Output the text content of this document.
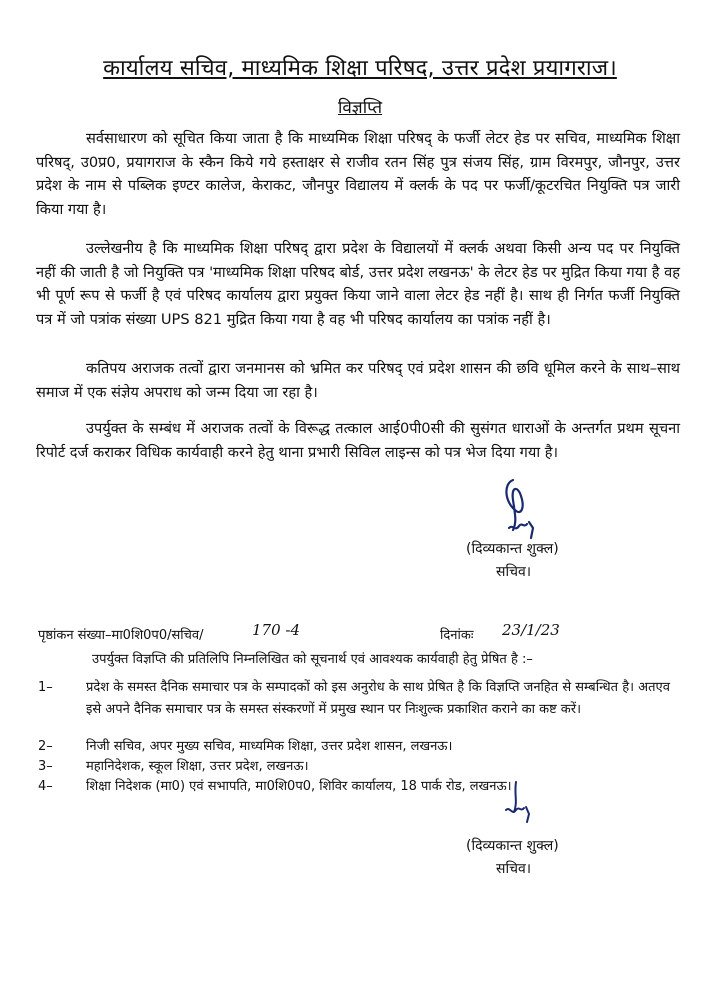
कार्यालय सचिव, माध्यमिक शिक्षा परिषद, उत्तर प्रदेश प्रयागराज।
विज्ञप्ति
सर्वसाधारण को सूचित किया जाता है कि माध्यमिक शिक्षा परिषद् के फर्जी लेटर हेड पर सचिव, माध्यमिक शिक्षा परिषद्, उ0प्र0, प्रयागराज के स्कैन किये गये हस्ताक्षर से राजीव रतन सिंह पुत्र संजय सिंह, ग्राम विरमपुर, जौनपुर, उत्तर प्रदेश के नाम से पब्लिक इण्टर कालेज, केराकट, जौनपुर विद्यालय में क्लर्क के पद पर फर्जी/कूटरचित नियुक्ति पत्र जारी किया गया है।
उल्लेखनीय है कि माध्यमिक शिक्षा परिषद् द्वारा प्रदेश के विद्यालयों में क्लर्क अथवा किसी अन्य पद पर नियुक्ति नहीं की जाती है जो नियुक्ति पत्र 'माध्यमिक शिक्षा परिषद बोर्ड, उत्तर प्रदेश लखनऊ' के लेटर हेड पर मुद्रित किया गया है वह भी पूर्ण रूप से फर्जी है एवं परिषद कार्यालय द्वारा प्रयुक्त किया जाने वाला लेटर हेड नहीं है। साथ ही निर्गत फर्जी नियुक्ति पत्र में जो पत्रांक संख्या UPS 821 मुद्रित किया गया है वह भी परिषद कार्यालय का पत्रांक नहीं है।
कतिपय अराजक तत्वों द्वारा जनमानस को भ्रमित कर परिषद् एवं प्रदेश शासन की छवि धूमिल करने के साथ–साथ समाज में एक संज्ञेय अपराध को जन्म दिया जा रहा है।
उपर्युक्त के सम्बंध में अराजक तत्वों के विरूद्ध तत्काल आई0पी0सी की सुसंगत धाराओं के अन्तर्गत प्रथम सूचना रिपोर्ट दर्ज कराकर विधिक कार्यवाही करने हेतु थाना प्रभारी सिविल लाइन्स को पत्र भेज दिया गया है।
(दिव्यकान्त शुक्ल)
सचिव।
पृष्ठांकन संख्या–मा0शि0प0/सचिव/	170 -4	दिनांकः 23/1/23
उपर्युक्त विज्ञप्ति की प्रतिलिपि निम्नलिखित को सूचनार्थ एवं आवश्यक कार्यवाही हेतु प्रेषित है :–
1–	प्रदेश के समस्त दैनिक समाचार पत्र के सम्पादकों को इस अनुरोध के साथ प्रेषित है कि विज्ञप्ति जनहित से सम्बन्धित है। अतएव इसे अपने दैनिक समाचार पत्र के समस्त संस्करणों में प्रमुख स्थान पर निःशुल्क प्रकाशित कराने का कष्ट करें।
2–	निजी सचिव, अपर मुख्य सचिव, माध्यमिक शिक्षा, उत्तर प्रदेश शासन, लखनऊ।
3–	महानिदेशक, स्कूल शिक्षा, उत्तर प्रदेश, लखनऊ।
4–	शिक्षा निदेशक (मा0) एवं सभापति, मा0शि0प0, शिविर कार्यालय, 18 पार्क रोड, लखनऊ।
(दिव्यकान्त शुक्ल)
सचिव।
